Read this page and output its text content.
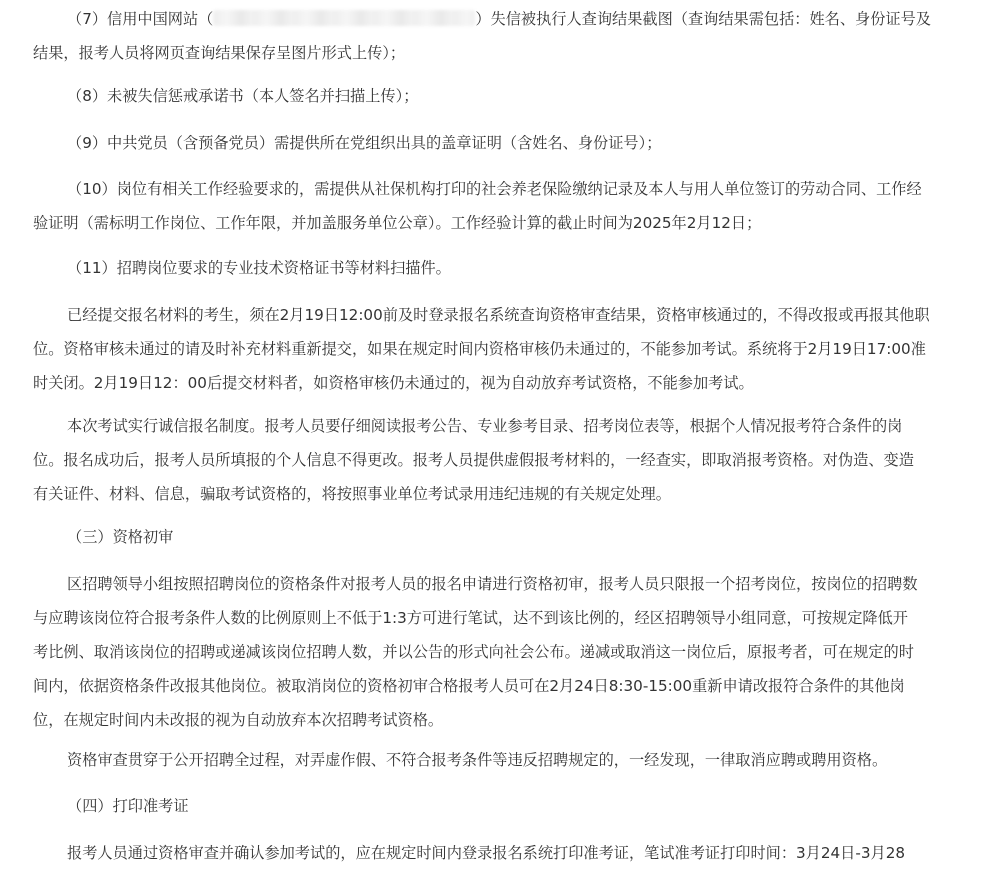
（7）信用中国网站（	）失信被执行人查询结果截图（查询结果需包括：姓名、身份证号及
结果，报考人员将网页查询结果保存呈图片形式上传）；
（8）未被失信惩戒承诺书（本人签名并扫描上传）；
（9）中共党员（含预备党员）需提供所在党组织出具的盖章证明（含姓名、身份证号）；
（10）岗位有相关工作经验要求的，需提供从社保机构打印的社会养老保险缴纳记录及本人与用人单位签订的劳动合同、工作经
验证明（需标明工作岗位、工作年限，并加盖服务单位公章）。工作经验计算的截止时间为2025年2月12日；
（11）招聘岗位要求的专业技术资格证书等材料扫描件。
已经提交报名材料的考生，须在2月19日12:00前及时登录报名系统查询资格审查结果，资格审核通过的，不得改报或再报其他职
位。资格审核未通过的请及时补充材料重新提交，如果在规定时间内资格审核仍未通过的，不能参加考试。系统将于2月19日17:00准
时关闭。2月19日12：00后提交材料者，如资格审核仍未通过的，视为自动放弃考试资格，不能参加考试。
本次考试实行诚信报名制度。报考人员要仔细阅读报考公告、专业参考目录、招考岗位表等，根据个人情况报考符合条件的岗
位。报名成功后，报考人员所填报的个人信息不得更改。报考人员提供虚假报考材料的，一经查实，即取消报考资格。对伪造、变造
有关证件、材料、信息，骗取考试资格的，将按照事业单位考试录用违纪违规的有关规定处理。
（三）资格初审
区招聘领导小组按照招聘岗位的资格条件对报考人员的报名申请进行资格初审，报考人员只限报一个招考岗位，按岗位的招聘数
与应聘该岗位符合报考条件人数的比例原则上不低于1:3方可进行笔试，达不到该比例的，经区招聘领导小组同意，可按规定降低开
考比例、取消该岗位的招聘或递减该岗位招聘人数，并以公告的形式向社会公布。递减或取消这一岗位后，原报考者，可在规定的时
间内，依据资格条件改报其他岗位。被取消岗位的资格初审合格报考人员可在2月24日8:30-15:00重新申请改报符合条件的其他岗
位，在规定时间内未改报的视为自动放弃本次招聘考试资格。
资格审查贯穿于公开招聘全过程，对弄虚作假、不符合报考条件等违反招聘规定的，一经发现，一律取消应聘或聘用资格。
（四）打印准考证
报考人员通过资格审查并确认参加考试的，应在规定时间内登录报名系统打印准考证，笔试准考证打印时间：3月24日-3月28
